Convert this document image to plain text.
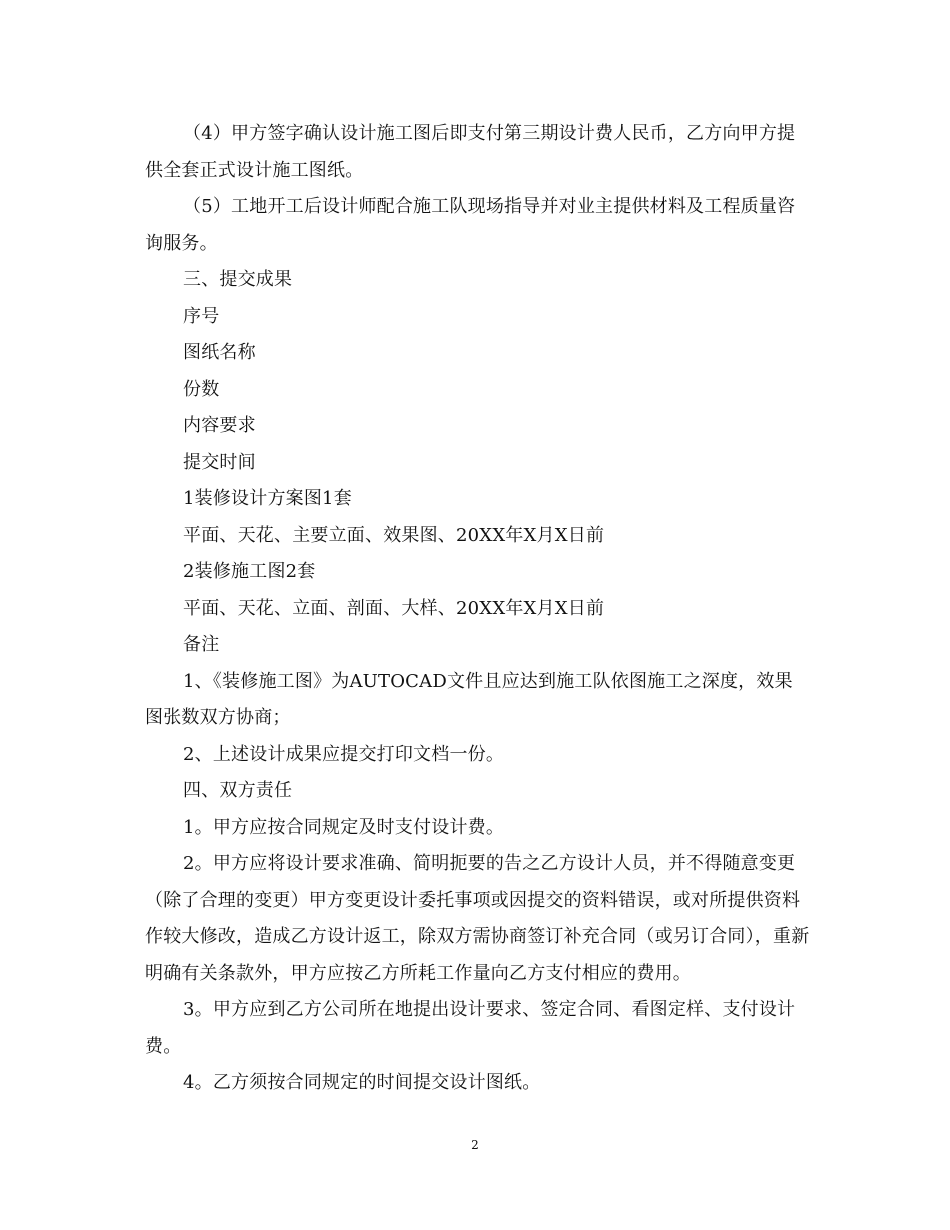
（4）甲方签字确认设计施工图后即支付第三期设计费人民币，乙方向甲方提供全套正式设计施工图纸。

（5）工地开工后设计师配合施工队现场指导并对业主提供材料及工程质量咨询服务。

三、提交成果

序号

图纸名称

份数

内容要求

提交时间

1装修设计方案图1套

平面、天花、主要立面、效果图、20XX年X月X日前

2装修施工图2套

平面、天花、立面、剖面、大样、20XX年X月X日前

备注

1、《装修施工图》为AUTOCAD文件且应达到施工队依图施工之深度，效果图张数双方协商；

2、上述设计成果应提交打印文档一份。

四、双方责任

1。甲方应按合同规定及时支付设计费。

2。甲方应将设计要求准确、简明扼要的告之乙方设计人员，并不得随意变更（除了合理的变更）甲方变更设计委托事项或因提交的资料错误，或对所提供资料作较大修改，造成乙方设计返工，除双方需协商签订补充合同（或另订合同），重新明确有关条款外，甲方应按乙方所耗工作量向乙方支付相应的费用。

3。甲方应到乙方公司所在地提出设计要求、签定合同、看图定样、支付设计费。

4。乙方须按合同规定的时间提交设计图纸。

2
